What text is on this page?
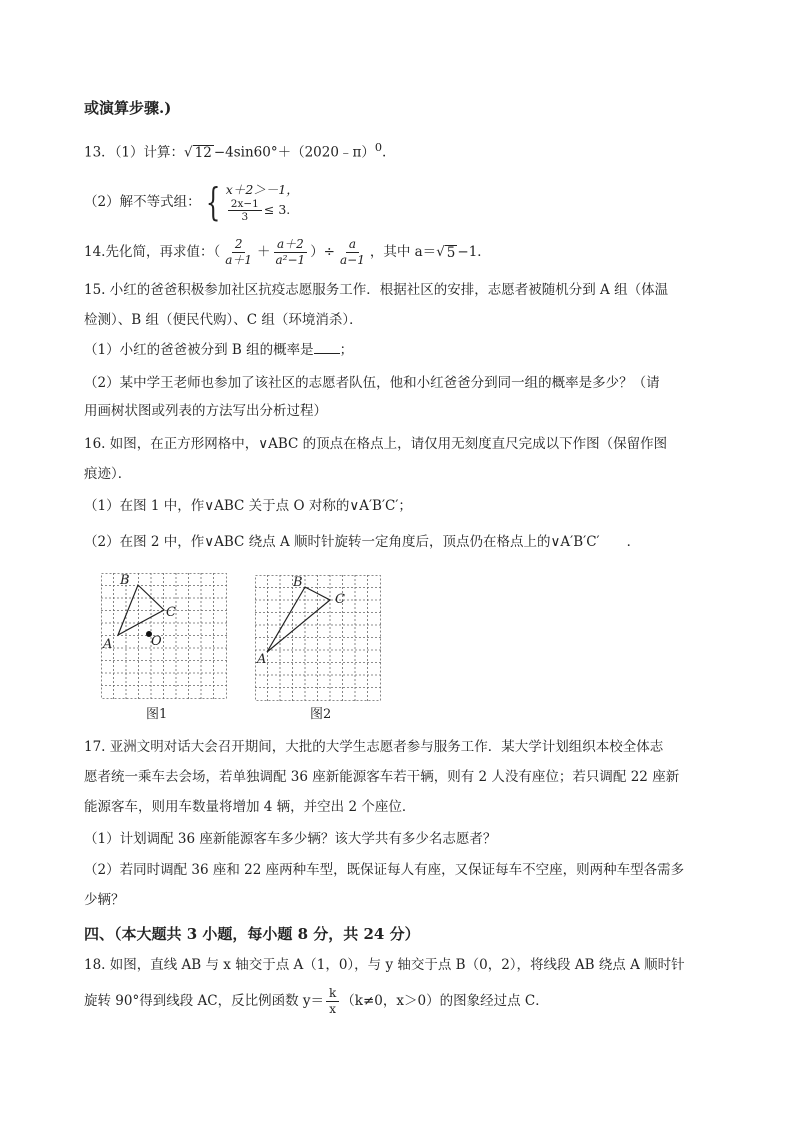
或演算步骤.)
13．（1）计算：√ 12 −4sin60°＋（2020﹣π）$^0$.
（2）解不等式组： { x＋2＞－1，
$\frac{2x-1}{3} \le 3$.
14.先化简，再求值：（ $\frac{2}{a+1} + \frac{a+2}{\text{a²−1}}$ ）÷ $\frac{a}{a-1}$ ，其中 a＝ √ 5 −1．
15. 小红的爸爸积极参加社区抗疫志愿服务工作．根据社区的安排，志愿者被随机分到 A 组（体温
检测）、B 组（便民代购）、C 组（环境消杀）．
（1）小红的爸爸被分到 B 组的概率是 ；
（2）某中学王老师也参加了该社区的志愿者队伍，他和小红爸爸分到同一组的概率是多少？（请
用画树状图或列表的方法写出分析过程）
16. 如图，在正方形网格中，∨ABC 的顶点在格点上，请仅用无刻度直尺完成以下作图（保留作图
痕迹）．
（1）在图 1 中，作∨ABC 关于点 O 对称的∨A′B′C′；
（2）在图 2 中，作∨ABC 绕点 A 顺时针旋转一定角度后，顶点仍在格点上的∨A′B′C′　　．
A
B
C
O
图1
A
B
C
图2
17. 亚洲文明对话大会召开期间，大批的大学生志愿者参与服务工作．某大学计划组织本校全体志
愿者统一乘车去会场，若单独调配 36 座新能源客车若干辆，则有 2 人没有座位；若只调配 22 座新
能源客车，则用车数量将增加 4 辆，并空出 2 个座位．
（1）计划调配 36 座新能源客车多少辆？该大学共有多少名志愿者？
（2）若同时调配 36 座和 22 座两种车型，既保证每人有座，又保证每车不空座，则两种车型各需多
少辆？
四、（本大题共 3 小题，每小题 8 分，共 24 分）
18. 如图，直线 AB 与 x 轴交于点 A（1，0），与 y 轴交于点 B（0，2），将线段 AB 绕点 A 顺时针
旋转 90°得到线段 AC，反比例函数 $y= \frac{k}{x} (k\ne 0$，x＞0）的图象经过点 C．
